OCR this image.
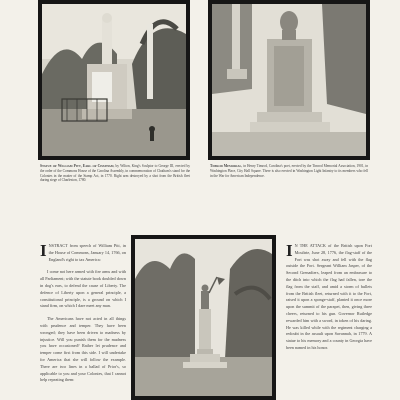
Statue of William Pitt, Earl of Chatham, by Wilton, King's Sculptor to George III, erected by the order of the Commons House of the Carolina Assembly, in commemoration of Chatham's stand for the Colonies in the matter of the Stamp Act, in 1770. Right arm destroyed by a shot from the British fleet during siege of Charleston, 1780.
Timrod Memorial, in Henry Timrod, Carolina's poet, erected by the Timrod Memorial Association, 1901, in Washington Place, City Hall Square. There is also erected in Washington Light Infantry to its members who fell in the War for American Independence.

INSTRACT from speech of William Pitt, in the House of Commons, January 14, 1766, on England's right to tax America:

I come not here armed with fire arms and with all Parliament; with the statute book doubled down in dog's ears, to defend the cause of Liberty. The defence of Liberty upon a general principle, a constitutional principle, is a ground on which I stand firm, on which I dare meet any man.

The Americans have not acted in all things with prudence and temper. They have been wronged; they have been driven to madness by injustice. Will you punish them for the madness you have occasioned? Rather let prudence and temper come first from this side. I will undertake for America that she will follow the example. There are two lines in a ballad of Prior's, so applicable to you and your Colonies, that I cannot help repeating them:

I N THE ATTACK of the British upon Fort Moultrie, June 28, 1776, the flag-staff of the Fort was shot away and fell with the flag outside the Fort. Sergeant William Jasper, of the Second Grenadiers, leaped from an embrasure to the ditch into which the flag had fallen, tore the flag from the staff, and amid a storm of bullets from the British fleet, returned with it to the Fort, raised it upon a sponge-staff, planted it once more upon the summit of the parapet, then, giving three cheers, returned to his gun. Governor Rutledge rewarded him with a sword, in token of his daring. He was killed while with the regiment charging a redoubt in the assault upon Savannah, in 1779. A statue to his memory and a county in Georgia have been named in his honor.
